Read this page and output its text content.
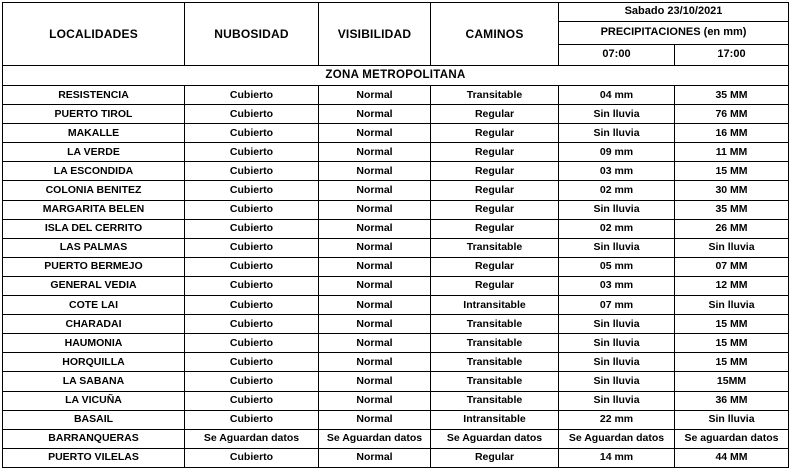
LOCALIDADES	NUBOSIDAD	VISIBILIDAD	CAMINOS	Sabado 23/10/2021	
				PRECIPITACIONES (en mm)	
				07:00	17:00
ZONA METROPOLITANA					
RESISTENCIA	Cubierto	Normal	Transitable	04 mm	35 MM
PUERTO TIROL	Cubierto	Normal	Regular	Sin lluvia	76 MM
MAKALLE	Cubierto	Normal	Regular	Sin lluvia	16 MM
LA VERDE	Cubierto	Normal	Regular	09 mm	11 MM
LA ESCONDIDA	Cubierto	Normal	Regular	03 mm	15 MM
COLONIA BENITEZ	Cubierto	Normal	Regular	02 mm	30 MM
MARGARITA BELEN	Cubierto	Normal	Regular	Sin lluvia	35 MM
ISLA DEL CERRITO	Cubierto	Normal	Regular	02 mm	26 MM
LAS PALMAS	Cubierto	Normal	Transitable	Sin lluvia	Sin lluvia
PUERTO BERMEJO	Cubierto	Normal	Regular	05 mm	07 MM
GENERAL VEDIA	Cubierto	Normal	Regular	03 mm	12 MM
COTE LAI	Cubierto	Normal	Intransitable	07 mm	Sin lluvia
CHARADAI	Cubierto	Normal	Transitable	Sin lluvia	15 MM
HAUMONIA	Cubierto	Normal	Transitable	Sin lluvia	15 MM
HORQUILLA	Cubierto	Normal	Transitable	Sin lluvia	15 MM
LA SABANA	Cubierto	Normal	Transitable	Sin lluvia	15MM
LA VICUÑA	Cubierto	Normal	Transitable	Sin lluvia	36 MM
BASAIL	Cubierto	Normal	Intransitable	22 mm	Sin lluvia
BARRANQUERAS	Se Aguardan datos	Se Aguardan datos	Se Aguardan datos	Se Aguardan datos	Se aguardan datos
PUERTO VILELAS	Cubierto	Normal	Regular	14 mm	44 MM
